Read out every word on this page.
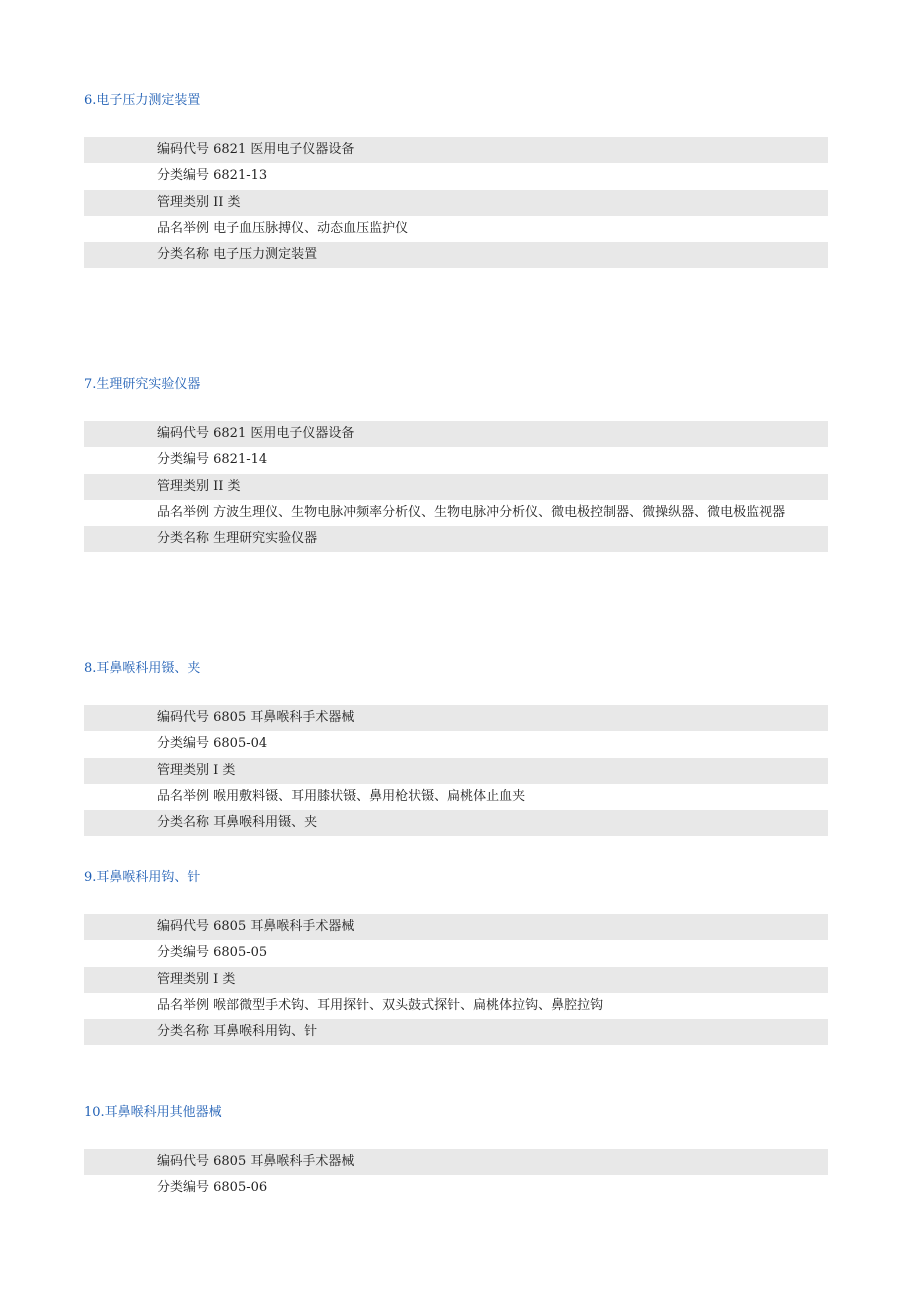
6.电子压力测定装置
编码代号 6821 医用电子仪器设备
分类编号 6821-13
管理类别 II 类
品名举例 电子血压脉搏仪、动态血压监护仪
分类名称 电子压力测定装置
7.生理研究实验仪器
编码代号 6821 医用电子仪器设备
分类编号 6821-14
管理类别 II 类
品名举例 方波生理仪、生物电脉冲频率分析仪、生物电脉冲分析仪、微电极控制器、微操纵器、微电极监视器
分类名称 生理研究实验仪器
8.耳鼻喉科用镊、夹
编码代号 6805 耳鼻喉科手术器械
分类编号 6805-04
管理类别 I 类
品名举例 喉用敷料镊、耳用膝状镊、鼻用枪状镊、扁桃体止血夹
分类名称 耳鼻喉科用镊、夹
9.耳鼻喉科用钩、针
编码代号 6805 耳鼻喉科手术器械
分类编号 6805-05
管理类别 I 类
品名举例 喉部微型手术钩、耳用探针、双头鼓式探针、扁桃体拉钩、鼻腔拉钩
分类名称 耳鼻喉科用钩、针
10.耳鼻喉科用其他器械
编码代号 6805 耳鼻喉科手术器械
分类编号 6805-06
